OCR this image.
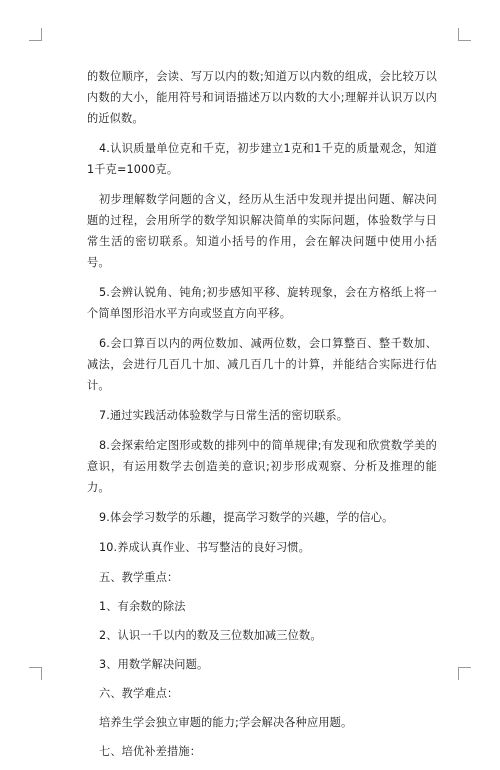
的数位顺序，会读、写万以内的数;知道万以内数的组成，会比较万以内数的大小，能用符号和词语描述万以内数的大小;理解并认识万以内的近似数。

4.认识质量单位克和千克，初步建立1克和1千克的质量观念，知道1千克=1000克。

初步理解数学问题的含义，经历从生活中发现并提出问题、解决问题的过程，会用所学的数学知识解决简单的实际问题，体验数学与日常生活的密切联系。知道小括号的作用，会在解决问题中使用小括号。

5.会辨认锐角、钝角;初步感知平移、旋转现象，会在方格纸上将一个简单图形沿水平方向或竖直方向平移。

6.会口算百以内的两位数加、减两位数，会口算整百、整千数加、减法，会进行几百几十加、减几百几十的计算，并能结合实际进行估计。

7.通过实践活动体验数学与日常生活的密切联系。

8.会探索给定图形或数的排列中的简单规律;有发现和欣赏数学美的意识，有运用数学去创造美的意识;初步形成观察、分析及推理的能力。

9.体会学习数学的乐趣，提高学习数学的兴趣，学的信心。

10.养成认真作业、书写整洁的良好习惯。

五、教学重点：

1、有余数的除法

2、认识一千以内的数及三位数加减三位数。

3、用数学解决问题。

六、教学难点：

培养生学会独立审题的能力;学会解决各种应用题。

七、培优补差措施：
